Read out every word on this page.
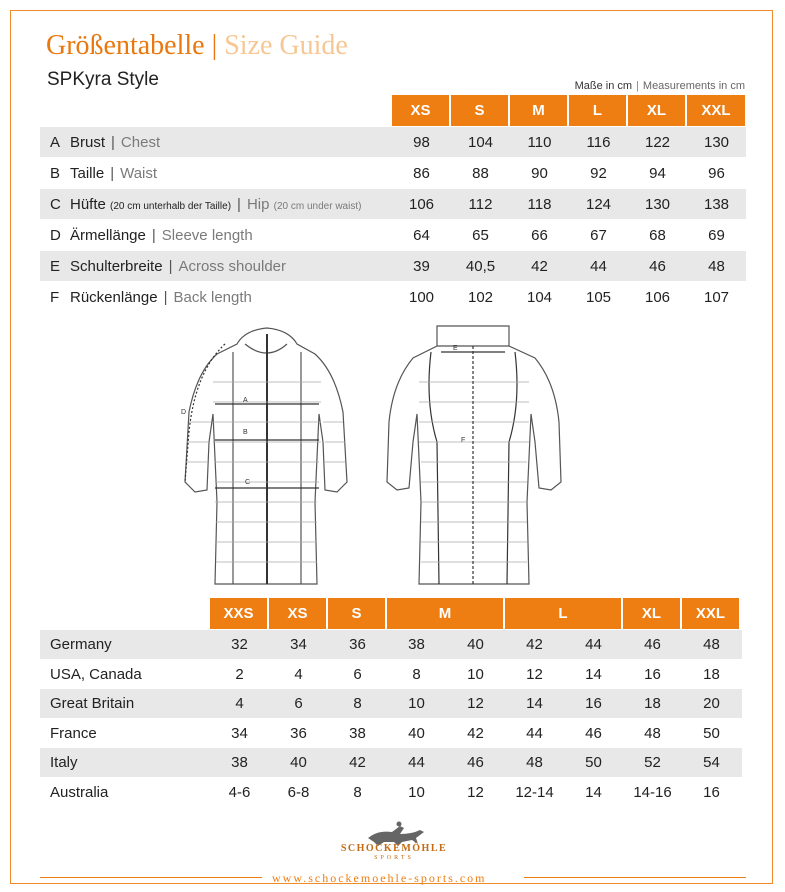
Größentabelle | Size Guide
SPKyra Style	Maße in cm | Measurements in cm
XS	S	M	L	XL	XXL
A Brust | Chest	98	104	110	116	122	130
B Taille | Waist	86	88	90	92	94	96
C Hüfte (20 cm unterhalb der Taille) | Hip (20 cm under waist)	106	112	118	124	130	138
D Ärmellänge | Sleeve length	64	65	66	67	68	69
E Schulterbreite | Across shoulder	39	40,5	42	44	46	48
F Rückenlänge | Back length	100	102	104	105	106	107
A
B
C
D
E
F
XXS	XS	S	M	L	XL	XXL
Germany	32	34	36	38	40	42	44	46	48
USA, Canada	2	4	6	8	10	12	14	16	18
Great Britain	4	6	8	10	12	14	16	18	20
France	34	36	38	40	42	44	46	48	50
Italy	38	40	42	44	46	48	50	52	54
Australia	4-6	6-8	8	10	12	12-14	14	14-16	16
SCHOCKEMÖHLE
SPORTS
www.schockemoehle-sports.com
